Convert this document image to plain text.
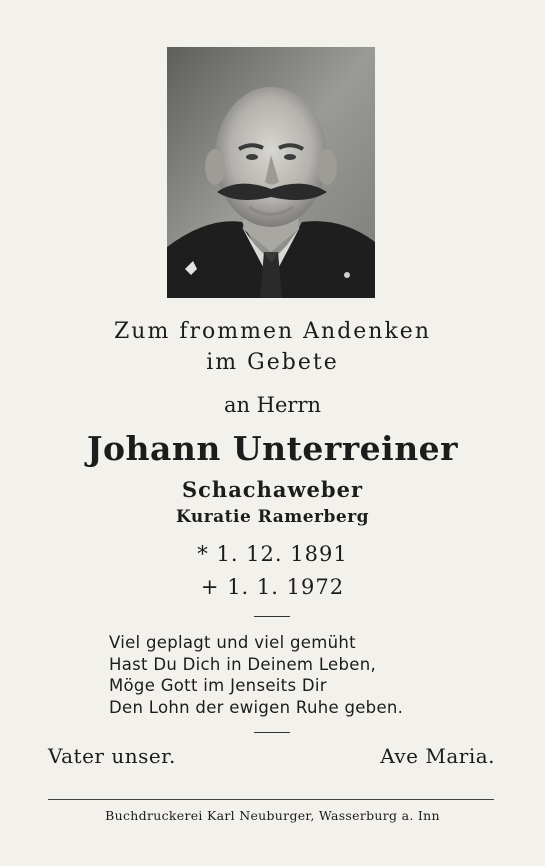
Zum frommen Andenken
im Gebete
an Herrn
Johann Unterreiner
Schachaweber
Kuratie Ramerberg
* 1. 12. 1891
+ 1. 1. 1972
Viel geplagt und viel gemüht
Hast Du Dich in Deinem Leben,
Möge Gott im Jenseits Dir
Den Lohn der ewigen Ruhe geben.
Vater unser.	Ave Maria.
Buchdruckerei Karl Neuburger, Wasserburg a. Inn
